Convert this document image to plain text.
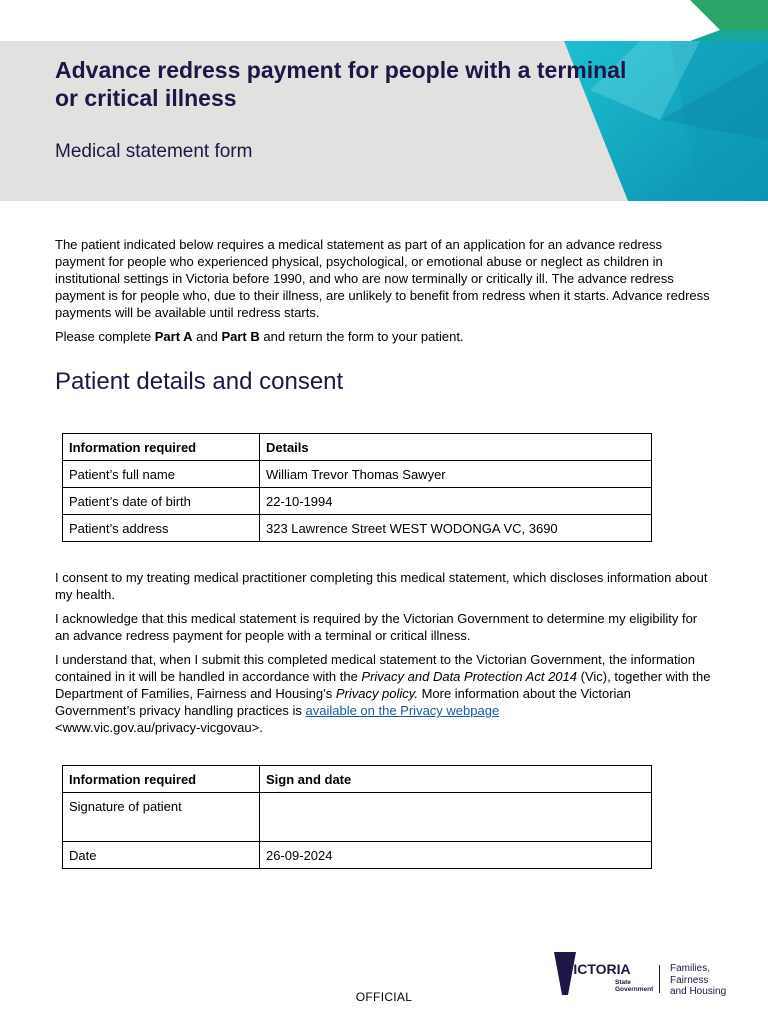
Advance redress payment for people with a terminal or critical illness
Medical statement form

The patient indicated below requires a medical statement as part of an application for an advance redress payment for people who experienced physical, psychological, or emotional abuse or neglect as children in institutional settings in Victoria before 1990, and who are now terminally or critically ill. The advance redress payment is for people who, due to their illness, are unlikely to benefit from redress when it starts. Advance redress payments will be available until redress starts.

Please complete Part A and Part B and return the form to your patient.

Patient details and consent
Information required	Details
Patient’s full name	William Trevor Thomas Sawyer
Patient’s date of birth	22-10-1994
Patient’s address	323 Lawrence Street WEST WODONGA VC, 3690

I consent to my treating medical practitioner completing this medical statement, which discloses information about my health.

I acknowledge that this medical statement is required by the Victorian Government to determine my eligibility for an advance redress payment for people with a terminal or critical illness.

I understand that, when I submit this completed medical statement to the Victorian Government, the information contained in it will be handled in accordance with the Privacy and Data Protection Act 2014 (Vic), together with the Department of Families, Fairness and Housing’s Privacy policy. More information about the Victorian Government’s privacy handling practices is available on the Privacy webpage
<www.vic.gov.au/privacy-vicgovau>.

Information required	Sign and date
Signature of patient	
Date	26-09-2024
OFFICIAL
VICTORIA
State
Government
Families,
Fairness
and Housing
